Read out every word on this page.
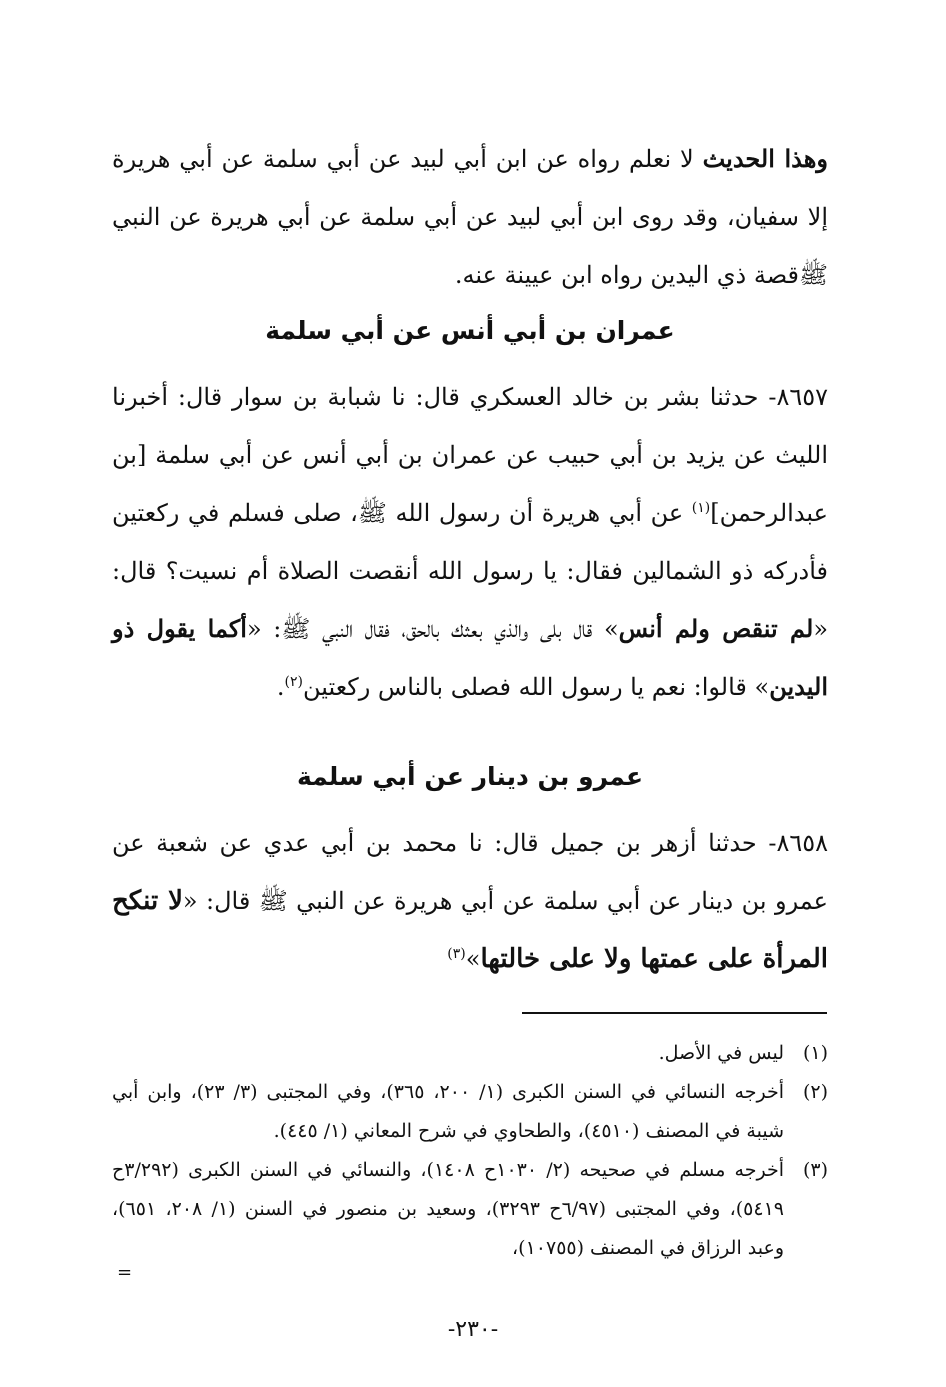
وهذا الحديث لا نعلم رواه عن ابن أبي لبيد عن أبي سلمة عن أبي هريرة إلا سفيان، وقد روى ابن أبي لبيد عن أبي سلمة عن أبي هريرة عن النبي ﷺقصة ذي اليدين رواه ابن عيينة عنه.

عمران بن أبي أنس عن أبي سلمة

٨٦٥٧- حدثنا بشر بن خالد العسكري قال: نا شبابة بن سوار قال: أخبرنا الليث عن يزيد بن أبي حبيب عن عمران بن أبي أنس عن أبي سلمة [بن عبدالرحمن]$^{(١)}$ عن أبي هريرة أن رسول الله ﷺ، صلى فسلم في ركعتين فأدركه ذو الشمالين فقال: يا رسول الله أنقصت الصلاة أم نسيت؟ قال: «لم تنقص ولم أنس» قال بلى والذي بعثك بالحق، فقال النبي ﷺ: «أكما يقول ذو اليدين» قالوا: نعم يا رسول الله فصلى بالناس ركعتين$^{(٢)}$.

عمرو بن دينار عن أبي سلمة

٨٦٥٨- حدثنا أزهر بن جميل قال: نا محمد بن أبي عدي عن شعبة عن عمرو بن دينار عن أبي سلمة عن أبي هريرة عن النبي ﷺ قال: «لا تنكح المرأة على عمتها ولا على خالتها»$^{(٣)}$

(١)ليس في الأصل.
(٢)أخرجه النسائي في السنن الكبرى (١/ ٢٠٠، ٣٦٥)، وفي المجتبى (٣/ ٢٣)، وابن أبي شيبة في المصنف (٤٥١٠)، والطحاوي في شرح المعاني (١/ ٤٤٥).
(٣)أخرجه مسلم في صحيحه (٢/ ١٠٣٠ح ١٤٠٨)، والنسائي في السنن الكبرى (٣/٢٩٢ح ٥٤١٩)، وفي المجتبى (٦/٩٧ح ٣٢٩٣)، وسعيد بن منصور في السنن (١/ ٢٠٨، ٦٥١)، وعبد الرزاق في المصنف (١٠٧٥٥)،
=
-٢٣٠-
